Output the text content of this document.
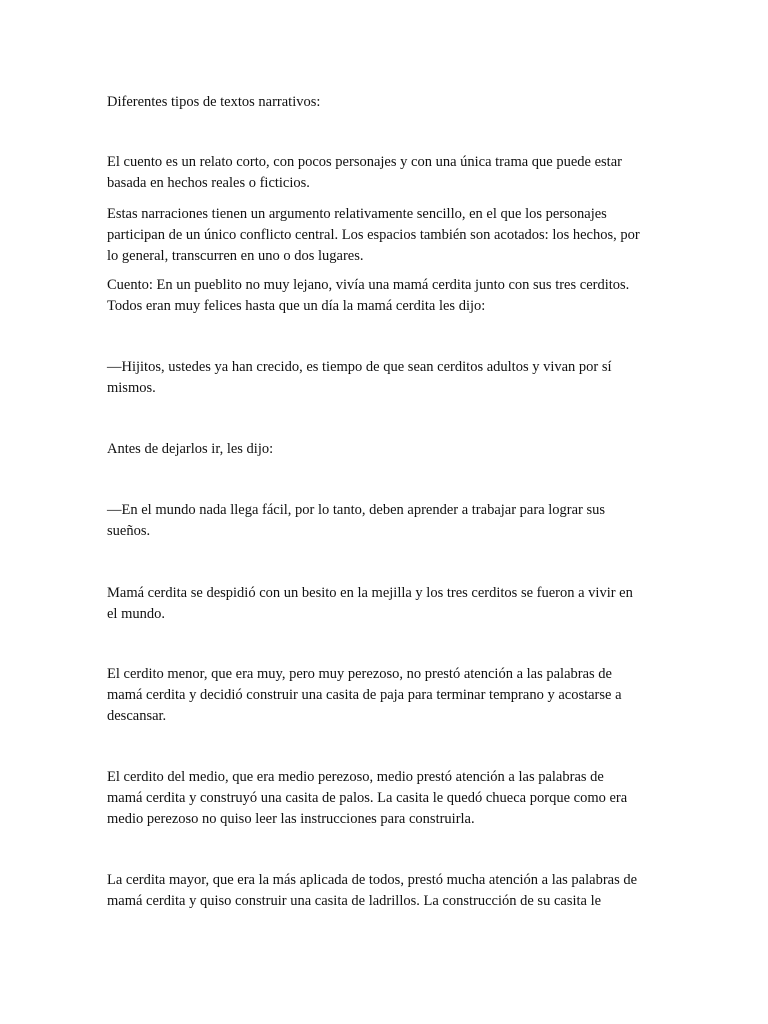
Diferentes tipos de textos narrativos:

El cuento es un relato corto, con pocos personajes y con una única trama que puede estar
basada en hechos reales o ficticios.

Estas narraciones tienen un argumento relativamente sencillo, en el que los personajes
participan de un único conflicto central. Los espacios también son acotados: los hechos, por
lo general, transcurren en uno o dos lugares.

Cuento: En un pueblito no muy lejano, vivía una mamá cerdita junto con sus tres cerditos.
Todos eran muy felices hasta que un día la mamá cerdita les dijo:

—Hijitos, ustedes ya han crecido, es tiempo de que sean cerditos adultos y vivan por sí
mismos.

Antes de dejarlos ir, les dijo:

—En el mundo nada llega fácil, por lo tanto, deben aprender a trabajar para lograr sus
sueños.

Mamá cerdita se despidió con un besito en la mejilla y los tres cerditos se fueron a vivir en
el mundo.

El cerdito menor, que era muy, pero muy perezoso, no prestó atención a las palabras de
mamá cerdita y decidió construir una casita de paja para terminar temprano y acostarse a
descansar.

El cerdito del medio, que era medio perezoso, medio prestó atención a las palabras de
mamá cerdita y construyó una casita de palos. La casita le quedó chueca porque como era
medio perezoso no quiso leer las instrucciones para construirla.

La cerdita mayor, que era la más aplicada de todos, prestó mucha atención a las palabras de
mamá cerdita y quiso construir una casita de ladrillos. La construcción de su casita le
